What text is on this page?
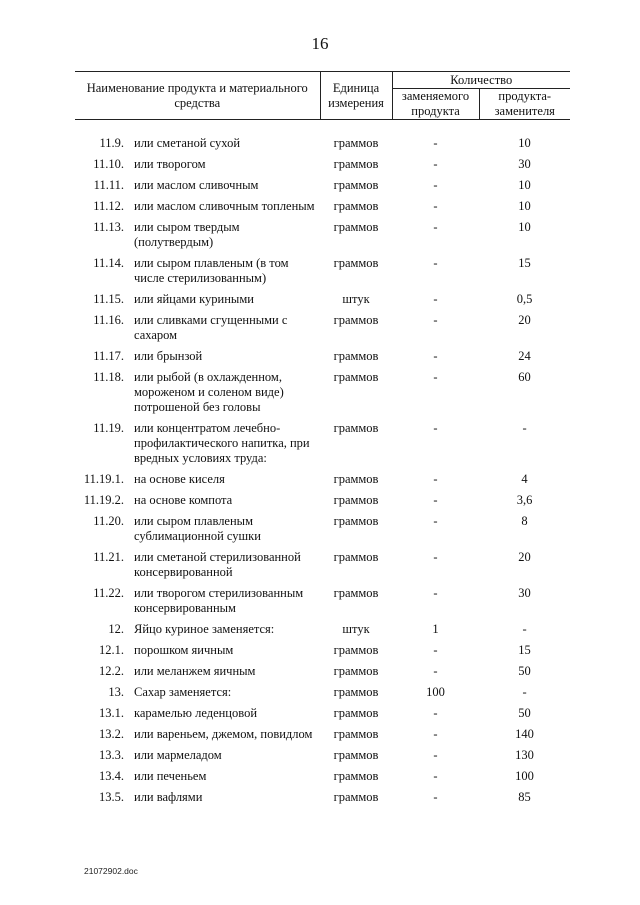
16
Наименование продукта и материального средства		Единица измерения	Количество	
			заменяемого продукта	продукта-заменителя

11.9.	или сметаной сухой	граммов	-	10
11.10.	или творогом	граммов	-	30
11.11.	или маслом сливочным	граммов	-	10
11.12.	или маслом сливочным топленым	граммов	-	10
11.13.	или сыром твердым (полутвердым)	граммов	-	10
11.14.	или сыром плавленым (в том числе стерилизованным)	граммов	-	15
11.15.	или яйцами куриными	штук	-	0,5
11.16.	или сливками сгущенными с сахаром	граммов	-	20
11.17.	или брынзой	граммов	-	24
11.18.	или рыбой (в охлажденном, мороженом и соленом виде) потрошеной без головы	граммов	-	60
11.19.	или концентратом лечебно-профилактического напитка, при вредных условиях труда:	граммов	-	-
11.19.1.	на основе киселя	граммов	-	4
11.19.2.	на основе компота	граммов	-	3,6
11.20.	или сыром плавленым сублимационной сушки	граммов	-	8
11.21.	или сметаной стерилизованной консервированной	граммов	-	20
11.22.	или творогом стерилизованным консервированным	граммов	-	30
12.	Яйцо куриное заменяется:	штук	1	-
12.1.	порошком яичным	граммов	-	15
12.2.	или меланжем яичным	граммов	-	50
13.	Сахар заменяется:	граммов	100	-
13.1.	карамелью леденцовой	граммов	-	50
13.2.	или вареньем, джемом, повидлом	граммов	-	140
13.3.	или мармеладом	граммов	-	130
13.4.	или печеньем	граммов	-	100
13.5.	или вафлями	граммов	-	85
21072902.doc
